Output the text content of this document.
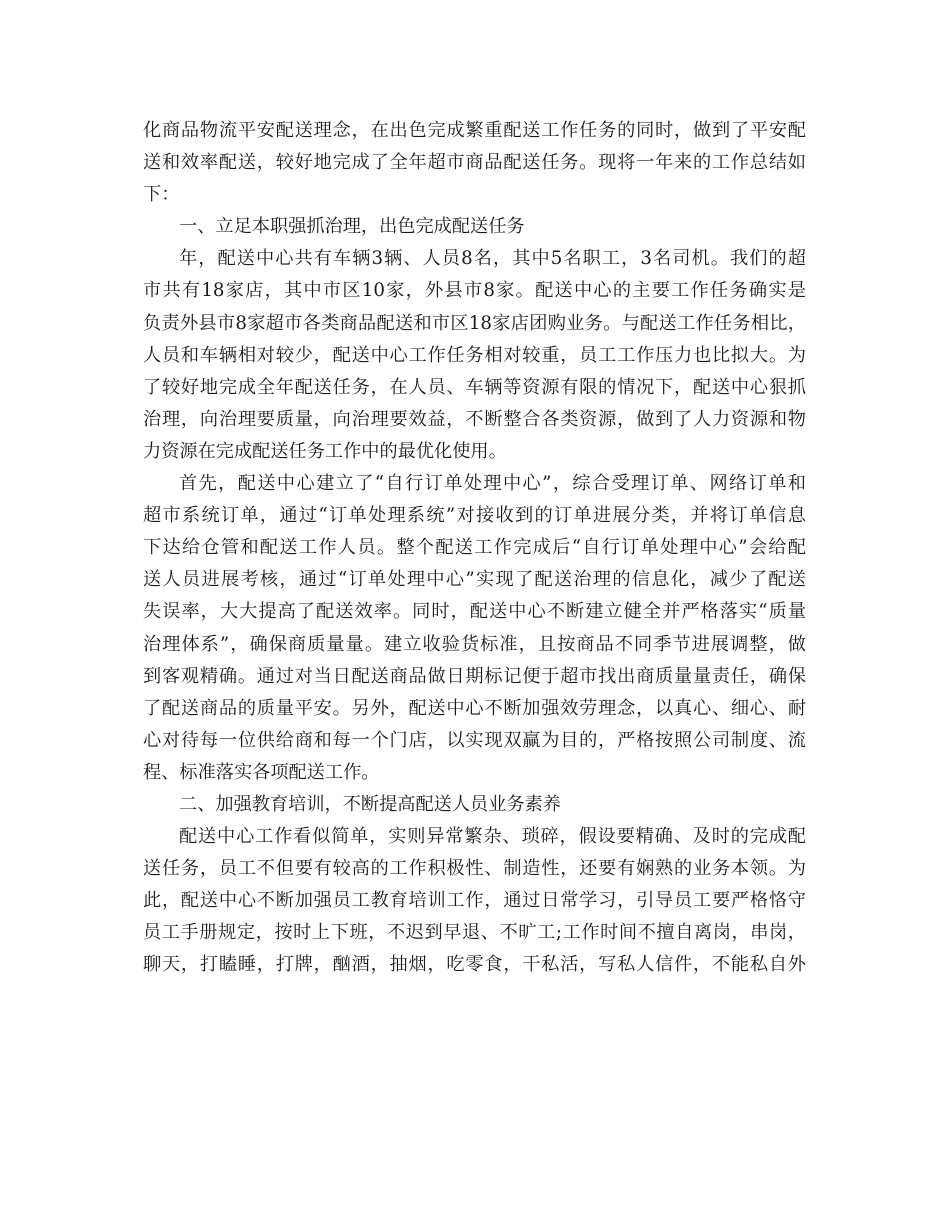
化商品物流平安配送理念，在出色完成繁重配送工作任务的同时，做到了平安配
送和效率配送，较好地完成了全年超市商品配送任务。现将一年来的工作总结如
下：
一、立足本职强抓治理，出色完成配送任务
年，配送中心共有车辆3辆、人员8名，其中5名职工，3名司机。我们的超
市共有18家店，其中市区10家，外县市8家。配送中心的主要工作任务确实是
负责外县市8家超市各类商品配送和市区18家店团购业务。与配送工作任务相比，
人员和车辆相对较少，配送中心工作任务相对较重，员工工作压力也比拟大。为
了较好地完成全年配送任务，在人员、车辆等资源有限的情况下，配送中心狠抓
治理，向治理要质量，向治理要效益，不断整合各类资源，做到了人力资源和物
力资源在完成配送任务工作中的最优化使用。
首先，配送中心建立了“自行订单处理中心”，综合受理订单、网络订单和
超市系统订单，通过“订单处理系统”对接收到的订单进展分类，并将订单信息
下达给仓管和配送工作人员。整个配送工作完成后“自行订单处理中心”会给配
送人员进展考核，通过“订单处理中心”实现了配送治理的信息化，减少了配送
失误率，大大提高了配送效率。同时，配送中心不断建立健全并严格落实“质量
治理体系”，确保商质量量。建立收验货标准，且按商品不同季节进展调整，做
到客观精确。通过对当日配送商品做日期标记便于超市找出商质量量责任，确保
了配送商品的质量平安。另外，配送中心不断加强效劳理念，以真心、细心、耐
心对待每一位供给商和每一个门店，以实现双赢为目的，严格按照公司制度、流
程、标准落实各项配送工作。
二、加强教育培训，不断提高配送人员业务素养
配送中心工作看似简单，实则异常繁杂、琐碎，假设要精确、及时的完成配
送任务，员工不但要有较高的工作积极性、制造性，还要有娴熟的业务本领。为
此，配送中心不断加强员工教育培训工作，通过日常学习，引导员工要严格恪守
员工手册规定，按时上下班，不迟到早退、不旷工;工作时间不擅自离岗，串岗，
聊天，打瞌睡，打牌，酗酒，抽烟，吃零食，干私活，写私人信件，不能私自外
